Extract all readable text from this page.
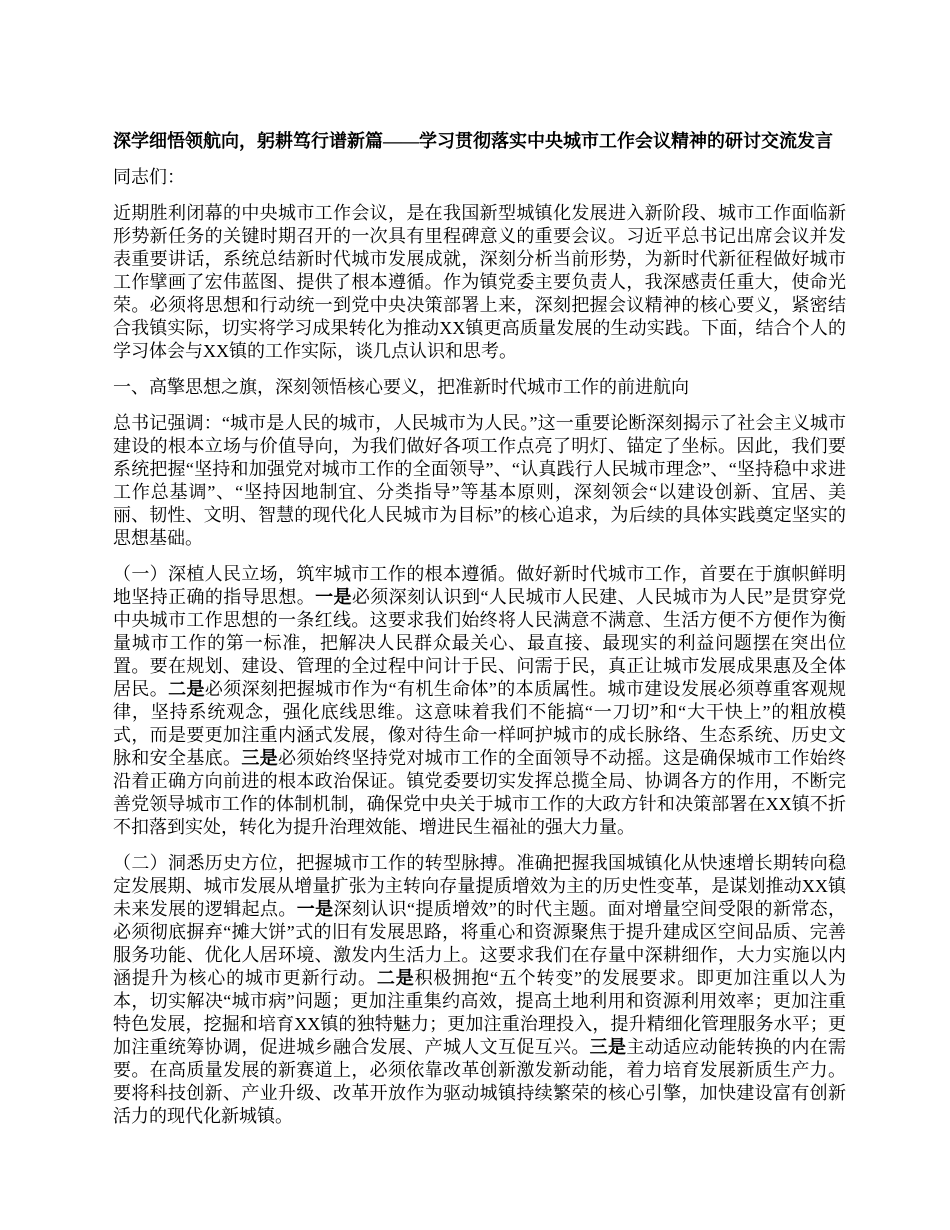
深学细悟领航向，躬耕笃行谱新篇——学习贯彻落实中央城市工作会议精神的研讨交流发言

同志们：

近期胜利闭幕的中央城市工作会议，是在我国新型城镇化发展进入新阶段、城市工作面临新形势新任务的关键时期召开的一次具有里程碑意义的重要会议。习近平总书记出席会议并发表重要讲话，系统总结新时代城市发展成就，深刻分析当前形势，为新时代新征程做好城市工作擘画了宏伟蓝图、提供了根本遵循。作为镇党委主要负责人，我深感责任重大，使命光荣。必须将思想和行动统一到党中央决策部署上来，深刻把握会议精神的核心要义，紧密结合我镇实际，切实将学习成果转化为推动XX镇更高质量发展的生动实践。下面，结合个人的学习体会与XX镇的工作实际，谈几点认识和思考。

一、高擎思想之旗，深刻领悟核心要义，把准新时代城市工作的前进航向

总书记强调：“城市是人民的城市，人民城市为人民。”这一重要论断深刻揭示了社会主义城市建设的根本立场与价值导向，为我们做好各项工作点亮了明灯、锚定了坐标。因此，我们要系统把握“坚持和加强党对城市工作的全面领导”、“认真践行人民城市理念”、“坚持稳中求进工作总基调”、“坚持因地制宜、分类指导”等基本原则，深刻领会“以建设创新、宜居、美丽、韧性、文明、智慧的现代化人民城市为目标”的核心追求，为后续的具体实践奠定坚实的思想基础。

（一）深植人民立场，筑牢城市工作的根本遵循。做好新时代城市工作，首要在于旗帜鲜明地坚持正确的指导思想。一是必须深刻认识到“人民城市人民建、人民城市为人民”是贯穿党中央城市工作思想的一条红线。这要求我们始终将人民满意不满意、生活方便不方便作为衡量城市工作的第一标准，把解决人民群众最关心、最直接、最现实的利益问题摆在突出位置。要在规划、建设、管理的全过程中问计于民、问需于民，真正让城市发展成果惠及全体居民。二是必须深刻把握城市作为“有机生命体”的本质属性。城市建设发展必须尊重客观规律，坚持系统观念，强化底线思维。这意味着我们不能搞“一刀切”和“大干快上”的粗放模式，而是要更加注重内涵式发展，像对待生命一样呵护城市的成长脉络、生态系统、历史文脉和安全基底。三是必须始终坚持党对城市工作的全面领导不动摇。这是确保城市工作始终沿着正确方向前进的根本政治保证。镇党委要切实发挥总揽全局、协调各方的作用，不断完善党领导城市工作的体制机制，确保党中央关于城市工作的大政方针和决策部署在XX镇不折不扣落到实处，转化为提升治理效能、增进民生福祉的强大力量。

（二）洞悉历史方位，把握城市工作的转型脉搏。准确把握我国城镇化从快速增长期转向稳定发展期、城市发展从增量扩张为主转向存量提质增效为主的历史性变革，是谋划推动XX镇未来发展的逻辑起点。一是深刻认识“提质增效”的时代主题。面对增量空间受限的新常态，必须彻底摒弃“摊大饼”式的旧有发展思路，将重心和资源聚焦于提升建成区空间品质、完善服务功能、优化人居环境、激发内生活力上。这要求我们在存量中深耕细作，大力实施以内涵提升为核心的城市更新行动。二是积极拥抱“五个转变”的发展要求。即更加注重以人为本，切实解决“城市病”问题；更加注重集约高效，提高土地利用和资源利用效率；更加注重特色发展，挖掘和培育XX镇的独特魅力；更加注重治理投入，提升精细化管理服务水平；更加注重统筹协调，促进城乡融合发展、产城人文互促互兴。三是主动适应动能转换的内在需要。在高质量发展的新赛道上，必须依靠改革创新激发新动能，着力培育发展新质生产力。要将科技创新、产业升级、改革开放作为驱动城镇持续繁荣的核心引擎，加快建设富有创新活力的现代化新城镇。
